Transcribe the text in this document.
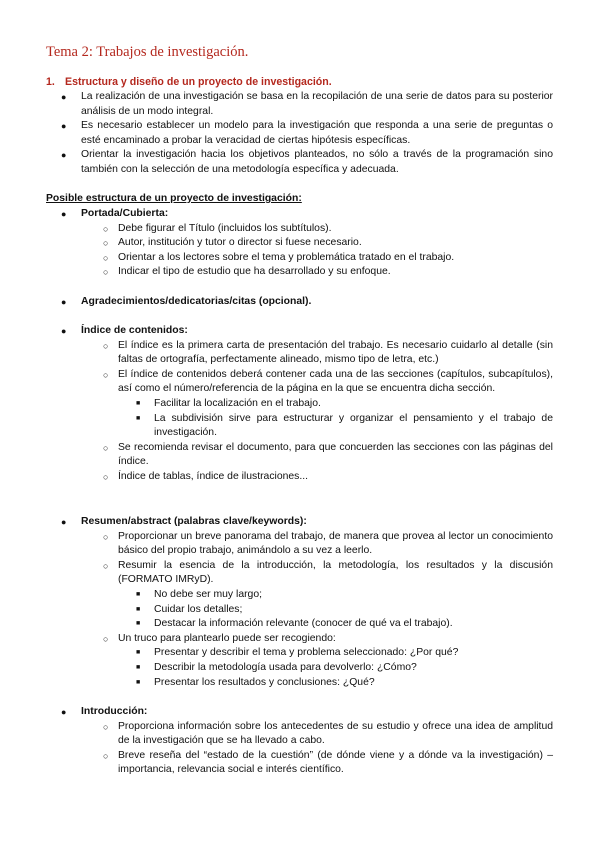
Tema 2: Trabajos de investigación.
1. Estructura y diseño de un proyecto de investigación.
● La realización de una investigación se basa en la recopilación de una serie de datos para su posterior análisis de un modo integral.
● Es necesario establecer un modelo para la investigación que responda a una serie de preguntas o esté encaminado a probar la veracidad de ciertas hipótesis específicas.
● Orientar la investigación hacia los objetivos planteados, no sólo a través de la programación sino también con la selección de una metodología específica y adecuada.
Posible estructura de un proyecto de investigación:
● Portada/Cubierta:
○ Debe figurar el Título (incluidos los subtítulos).
○ Autor, institución y tutor o director si fuese necesario.
○ Orientar a los lectores sobre el tema y problemática tratado en el trabajo.
○ Indicar el tipo de estudio que ha desarrollado y su enfoque.
● Agradecimientos/dedicatorias/citas (opcional).
● Índice de contenidos:
○ El índice es la primera carta de presentación del trabajo. Es necesario cuidarlo al detalle (sin faltas de ortografía, perfectamente alineado, mismo tipo de letra, etc.)
○ El índice de contenidos deberá contener cada una de las secciones (capítulos, subcapítulos), así como el número/referencia de la página en la que se encuentra dicha sección.
■ Facilitar la localización en el trabajo.
■ La subdivisión sirve para estructurar y organizar el pensamiento y el trabajo de investigación.
○ Se recomienda revisar el documento, para que concuerden las secciones con las páginas del índice.
○ Índice de tablas, índice de ilustraciones...
● Resumen/abstract (palabras clave/keywords):
○ Proporcionar un breve panorama del trabajo, de manera que provea al lector un conocimiento básico del propio trabajo, animándolo a su vez a leerlo.
○ Resumir la esencia de la introducción, la metodología, los resultados y la discusión (FORMATO IMRyD).
■ No debe ser muy largo;
■ Cuidar los detalles;
■ Destacar la información relevante (conocer de qué va el trabajo).
○ Un truco para plantearlo puede ser recogiendo:
■ Presentar y describir el tema y problema seleccionado: ¿Por qué?
■ Describir la metodología usada para devolverlo: ¿Cómo?
■ Presentar los resultados y conclusiones: ¿Qué?
● Introducción:
○ Proporciona información sobre los antecedentes de su estudio y ofrece una idea de amplitud de la investigación que se ha llevado a cabo.
○ Breve reseña del “estado de la cuestión” (de dónde viene y a dónde va la investigación) –importancia, relevancia social e interés científico.
